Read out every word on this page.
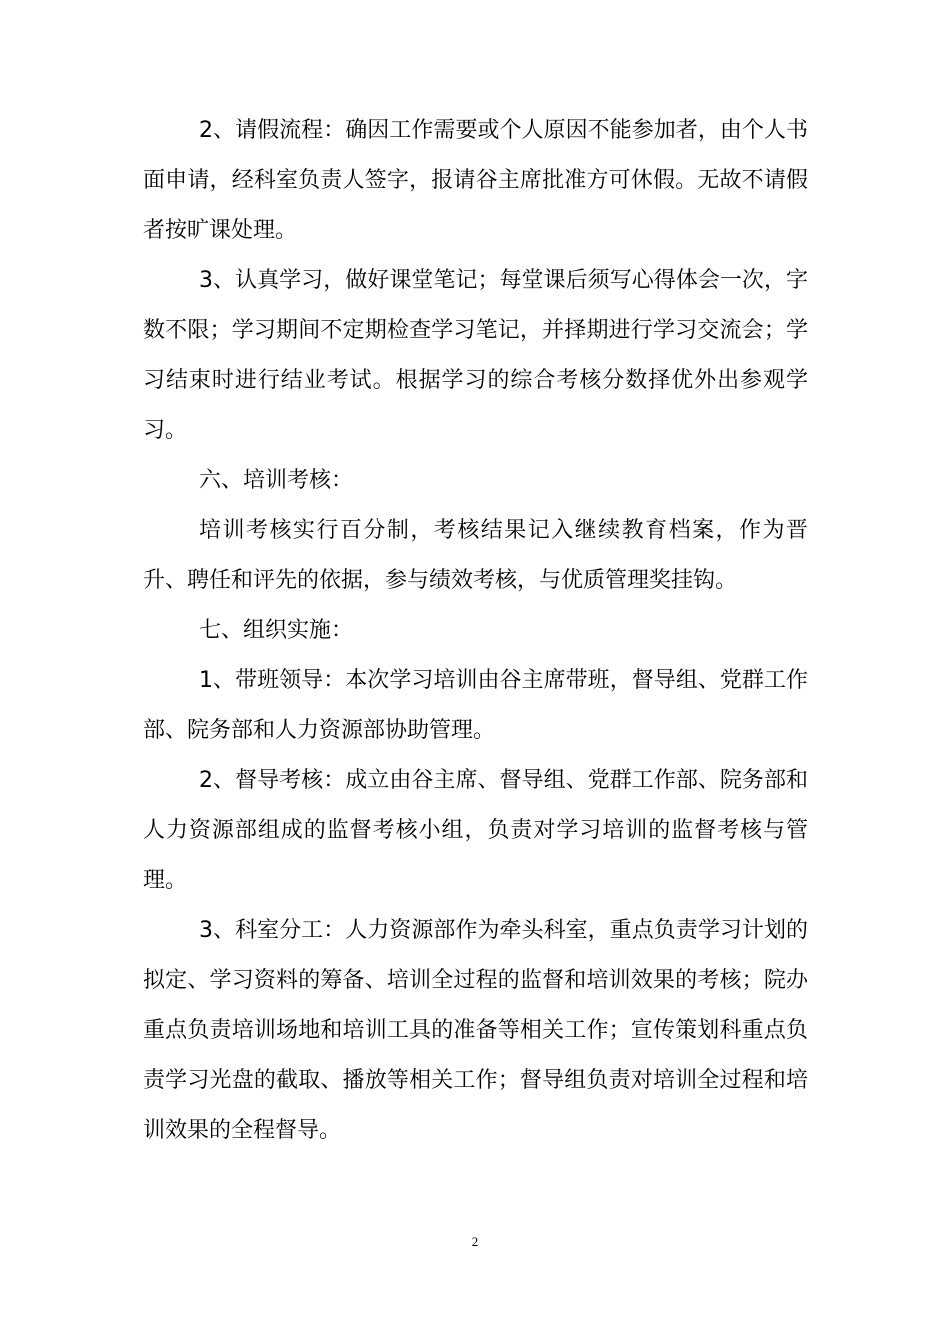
2、请假流程：确因工作需要或个人原因不能参加者，由个人书面申请，经科室负责人签字，报请谷主席批准方可休假。无故不请假者按旷课处理。

3、认真学习，做好课堂笔记；每堂课后须写心得体会一次，字数不限；学习期间不定期检查学习笔记，并择期进行学习交流会；学习结束时进行结业考试。根据学习的综合考核分数择优外出参观学习。

六、培训考核：

培训考核实行百分制，考核结果记入继续教育档案，作为晋升、聘任和评先的依据，参与绩效考核，与优质管理奖挂钩。

七、组织实施：

1、带班领导：本次学习培训由谷主席带班，督导组、党群工作部、院务部和人力资源部协助管理。

2、督导考核：成立由谷主席、督导组、党群工作部、院务部和人力资源部组成的监督考核小组，负责对学习培训的监督考核与管理。

3、科室分工：人力资源部作为牵头科室，重点负责学习计划的拟定、学习资料的筹备、培训全过程的监督和培训效果的考核；院办重点负责培训场地和培训工具的准备等相关工作；宣传策划科重点负责学习光盘的截取、播放等相关工作；督导组负责对培训全过程和培训效果的全程督导。

2
